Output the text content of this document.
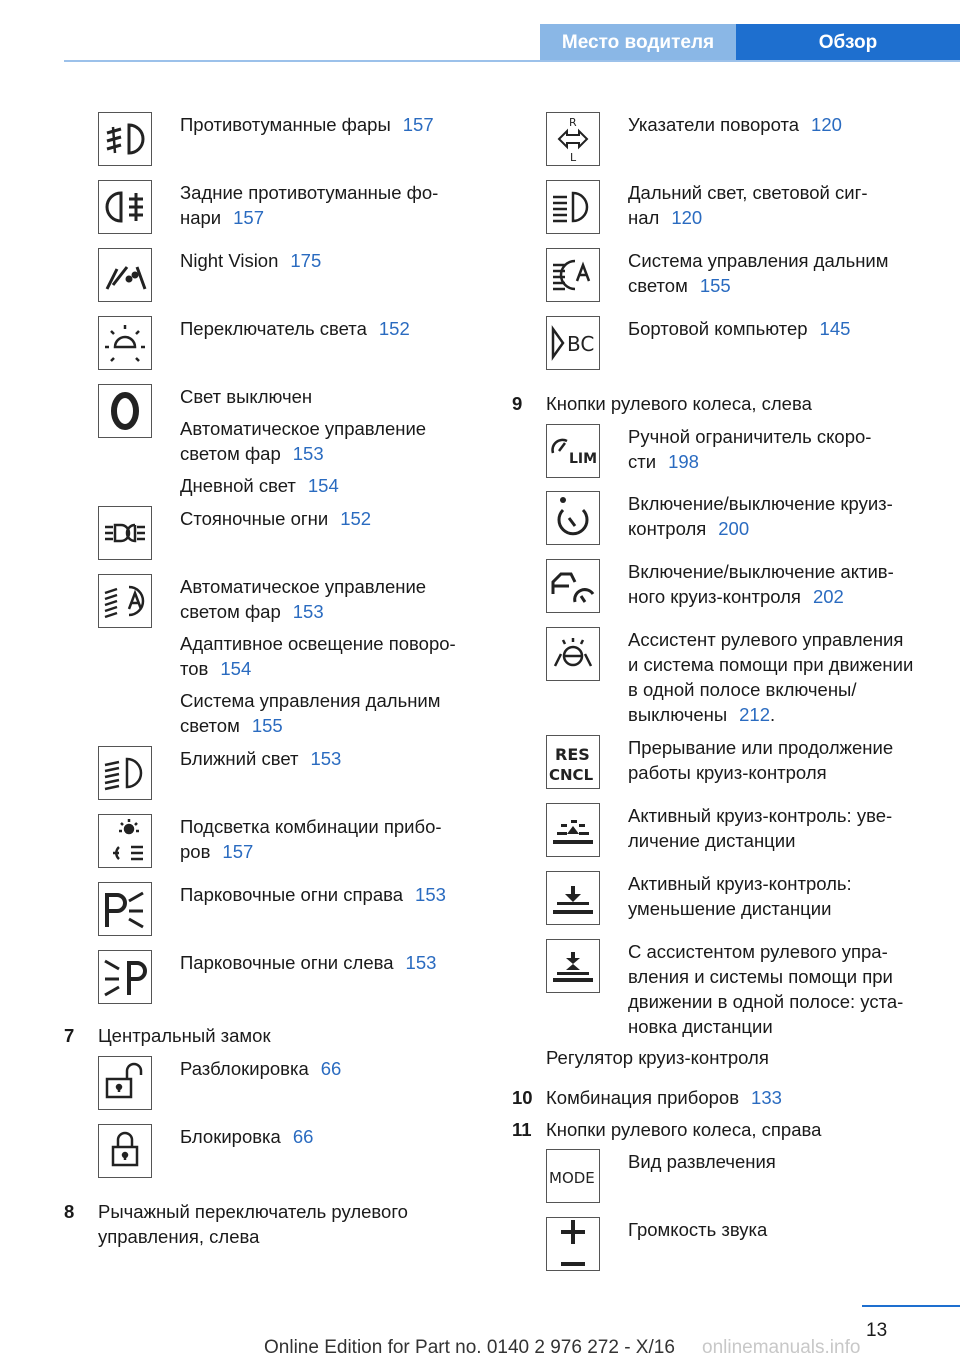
Место водителя	Обзор

Противотуманные фары 157

Задние противотуманные фо-
нари 157

Night Vision 175

Переключатель света 152

Свет выключен

Автоматическое управление
светом фар 153

Дневной свет 154

Стояночные огни 152

Автоматическое управление
светом фар 153

Адаптивное освещение поворо-
тов 154

Система управления дальним
светом 155

Ближний свет 153

Подсветка комбинации прибо-
ров 157

Парковочные огни справа 153

Парковочные огни слева 153

7 Центральный замок

Разблокировка 66

Блокировка 66

8 Рычажный переключатель рулевого
управления, слева
R
L

Указатели поворота 120

Дальний свет, световой сиг-
нал 120

Система управления дальним
светом 155

BC

Бортовой компьютер 145

9 Кнопки рулевого колеса, слева
LIM

Ручной ограничитель скоро-
сти 198

Включение/выключение круиз-
контроля 200

Включение/выключение актив-
ного круиз-контроля 202

Ассистент рулевого управления
и система помощи при движении
в одной полосе включены/
выключены 212.

RES
CNCL

Прерывание или продолжение
работы круиз-контроля

Активный круиз-контроль: уве-
личение дистанции

Активный круиз-контроль:
уменьшение дистанции

С ассистентом рулевого упра-
вления и системы помощи при
движении в одной полосе: уста-
новка дистанции

Регулятор круиз-контроля
10 Комбинация приборов 133
11 Кнопки рулевого колеса, справа
MODE

Вид развлечения

Громкость звука

13
Online Edition for Part no. 0140 2 976 272 - X/16 onlinemanuals.info
